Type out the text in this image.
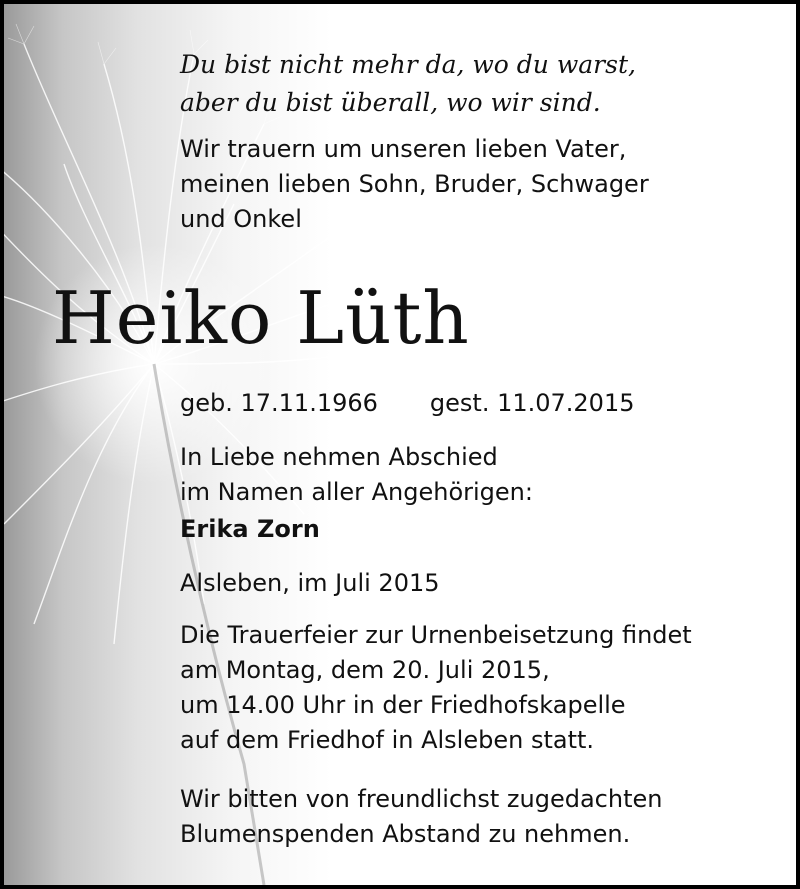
Du bist nicht mehr da, wo du warst,
aber du bist überall, wo wir sind.

Wir trauern um unseren lieben Vater,
meinen lieben Sohn, Bruder, Schwager
und Onkel

Heiko Lüth

geb. 17.11.1966 gest. 11.07.2015

In Liebe nehmen Abschied
im Namen aller Angehörigen:

Erika Zorn

Alsleben, im Juli 2015

Die Trauerfeier zur Urnenbeisetzung findet
am Montag, dem 20. Juli 2015,
um 14.00 Uhr in der Friedhofskapelle
auf dem Friedhof in Alsleben statt.

Wir bitten von freundlichst zugedachten
Blumenspenden Abstand zu nehmen.
